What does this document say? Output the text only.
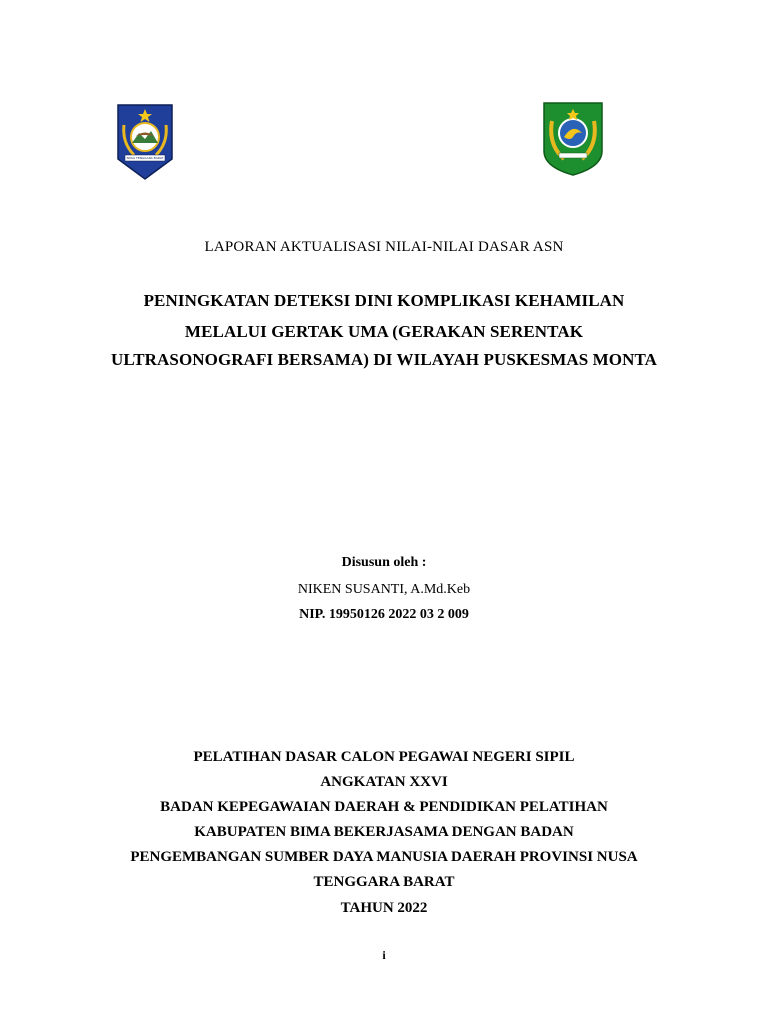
NUSA TENGGARA BARAT
LAPORAN AKTUALISASI NILAI-NILAI DASAR ASN
PENINGKATAN DETEKSI DINI KOMPLIKASI KEHAMILAN
MELALUI GERTAK UMA (GERAKAN SERENTAK
ULTRASONOGRAFI BERSAMA) DI WILAYAH PUSKESMAS MONTA
Disusun oleh :
NIKEN SUSANTI, A.Md.Keb
NIP. 19950126 2022 03 2 009
PELATIHAN DASAR CALON PEGAWAI NEGERI SIPIL
ANGKATAN XXVI
BADAN KEPEGAWAIAN DAERAH & PENDIDIKAN PELATIHAN
KABUPATEN BIMA BEKERJASAMA DENGAN BADAN
PENGEMBANGAN SUMBER DAYA MANUSIA DAERAH PROVINSI NUSA
TENGGARA BARAT
TAHUN 2022
i
